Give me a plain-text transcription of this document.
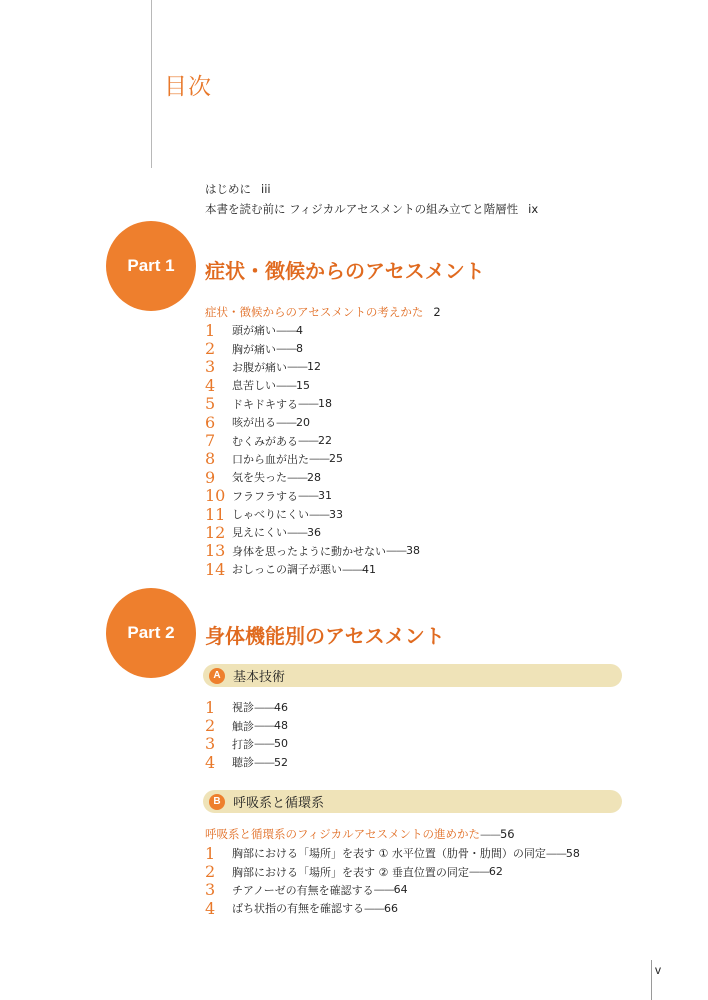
目次
はじめに iii
本書を読む前に フィジカルアセスメントの組み立てと階層性 ix
Part 1	症状・徴候からのアセスメント
症状・徴候からのアセスメントの考えかた 2
1	頭が痛い —— 4
2	胸が痛い —— 8
3	お腹が痛い —— 12
4	息苦しい —— 15
5	ドキドキする —— 18
6	咳が出る —— 20
7	むくみがある —— 22
8	口から血が出た —— 25
9	気を失った —— 28
10 フラフラする —— 31
11 しゃべりにくい —— 33
12 見えにくい —— 36
13 身体を思ったように動かせない —— 38
14 おしっこの調子が悪い —— 41
Part 2	身体機能別のアセスメント
A 基本技術
1	視診 —— 46
2	触診 —— 48
3	打診 —— 50
4	聴診 —— 52
B 呼吸系と循環系
呼吸系と循環系のフィジカルアセスメントの進めかた——56
1	胸部における「場所」を表す ① 水平位置（肋骨・肋間）の同定 —— 58
2	胸部における「場所」を表す ② 垂直位置の同定 —— 62
3	チアノーゼの有無を確認する —— 64
4	ばち状指の有無を確認する —— 66
v
